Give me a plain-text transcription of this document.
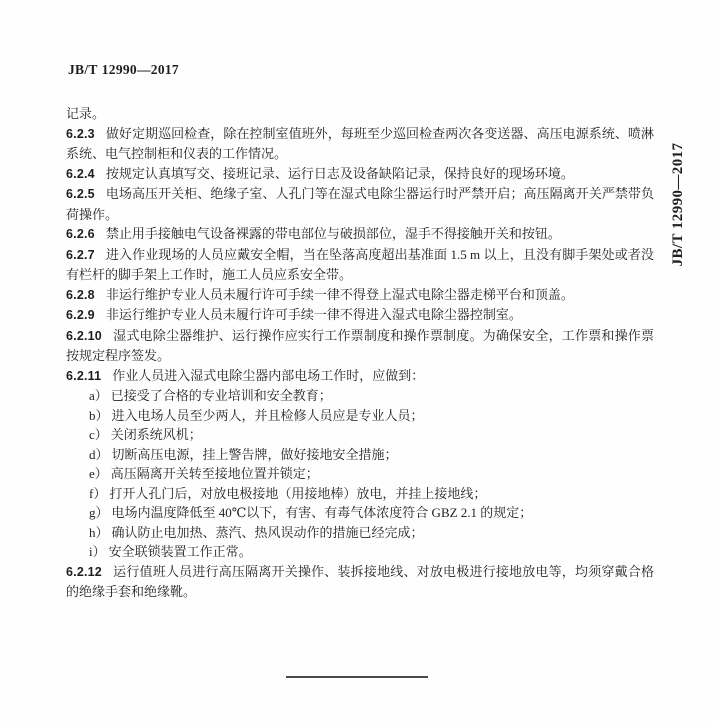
JB/T 12990—2017

记录。

6.2.3 做好定期巡回检查，除在控制室值班外，每班至少巡回检查两次各变送器、高压电源系统、喷淋系统、电气控制柜和仪表的工作情况。

6.2.4 按规定认真填写交、接班记录、运行日志及设备缺陷记录，保持良好的现场环境。

6.2.5 电场高压开关柜、绝缘子室、人孔门等在湿式电除尘器运行时严禁开启；高压隔离开关严禁带负荷操作。

6.2.6 禁止用手接触电气设备裸露的带电部位与破损部位，湿手不得接触开关和按钮。

6.2.7 进入作业现场的人员应戴安全帽，当在坠落高度超出基准面 1.5 m 以上，且没有脚手架处或者没有栏杆的脚手架上工作时，施工人员应系安全带。

6.2.8 非运行维护专业人员未履行许可手续一律不得登上湿式电除尘器走梯平台和顶盖。

6.2.9 非运行维护专业人员未履行许可手续一律不得进入湿式电除尘器控制室。

6.2.10 湿式电除尘器维护、运行操作应实行工作票制度和操作票制度。为确保安全，工作票和操作票按规定程序签发。

6.2.11 作业人员进入湿式电除尘器内部电场工作时，应做到：

a） 已接受了合格的专业培训和安全教育；

b） 进入电场人员至少两人，并且检修人员应是专业人员；

c） 关闭系统风机；

d） 切断高压电源，挂上警告牌，做好接地安全措施；

e） 高压隔离开关转至接地位置并锁定；

f） 打开人孔门后，对放电极接地（用接地棒）放电，并挂上接地线；

g） 电场内温度降低至 40℃以下，有害、有毒气体浓度符合 GBZ 2.1 的规定；

h） 确认防止电加热、蒸汽、热风误动作的措施已经完成；

i） 安全联锁装置工作正常。

6.2.12 运行值班人员进行高压隔离开关操作、装拆接地线、对放电极进行接地放电等，均须穿戴合格的绝缘手套和绝缘靴。

JB/T12990—2017
